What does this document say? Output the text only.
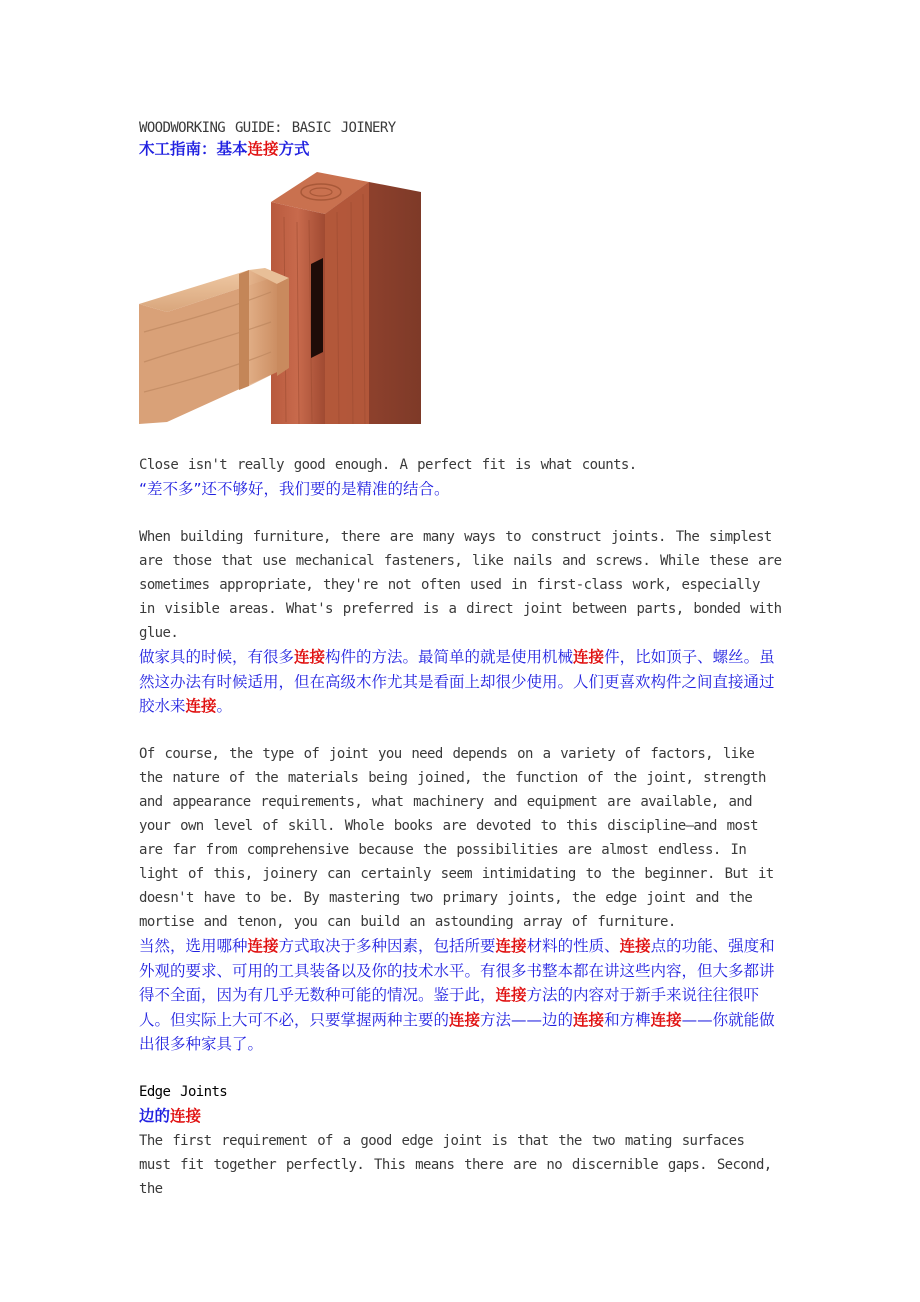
WOODWORKING GUIDE: BASIC JOINERY

木工指南：基本连接方式

Close isn't really good enough. A perfect fit is what counts.

“差不多”还不够好，我们要的是精准的结合。

When building furniture, there are many ways to construct joints. The simplest are those that use mechanical fasteners, like nails and screws. While these are sometimes appropriate, they're not often used in first-class work, especially in visible areas. What's preferred is a direct joint between parts, bonded with glue.

做家具的时候，有很多连接构件的方法。最简单的就是使用机械连接件，比如顶子、螺丝。虽然这办法有时候适用，但在高级木作尤其是看面上却很少使用。人们更喜欢构件之间直接通过胶水来连接。

Of course, the type of joint you need depends on a variety of factors, like the nature of the materials being joined, the function of the joint, strength and appearance requirements, what machinery and equipment are available, and your own level of skill. Whole books are devoted to this discipline–and most are far from comprehensive because the possibilities are almost endless. In light of this, joinery can certainly seem intimidating to the beginner. But it doesn't have to be. By mastering two primary joints, the edge joint and the mortise and tenon, you can build an astounding array of furniture.

当然，选用哪种连接方式取决于多种因素，包括所要连接材料的性质、连接点的功能、强度和外观的要求、可用的工具装备以及你的技术水平。有很多书整本都在讲这些内容，但大多都讲得不全面，因为有几乎无数种可能的情况。鉴于此，连接方法的内容对于新手来说往往很吓人。但实际上大可不必，只要掌握两种主要的连接方法——边的连接和方榫连接——你就能做出很多种家具了。

Edge Joints

边的连接

The first requirement of a good edge joint is that the two mating surfaces must fit together perfectly. This means there are no discernible gaps. Second, the
